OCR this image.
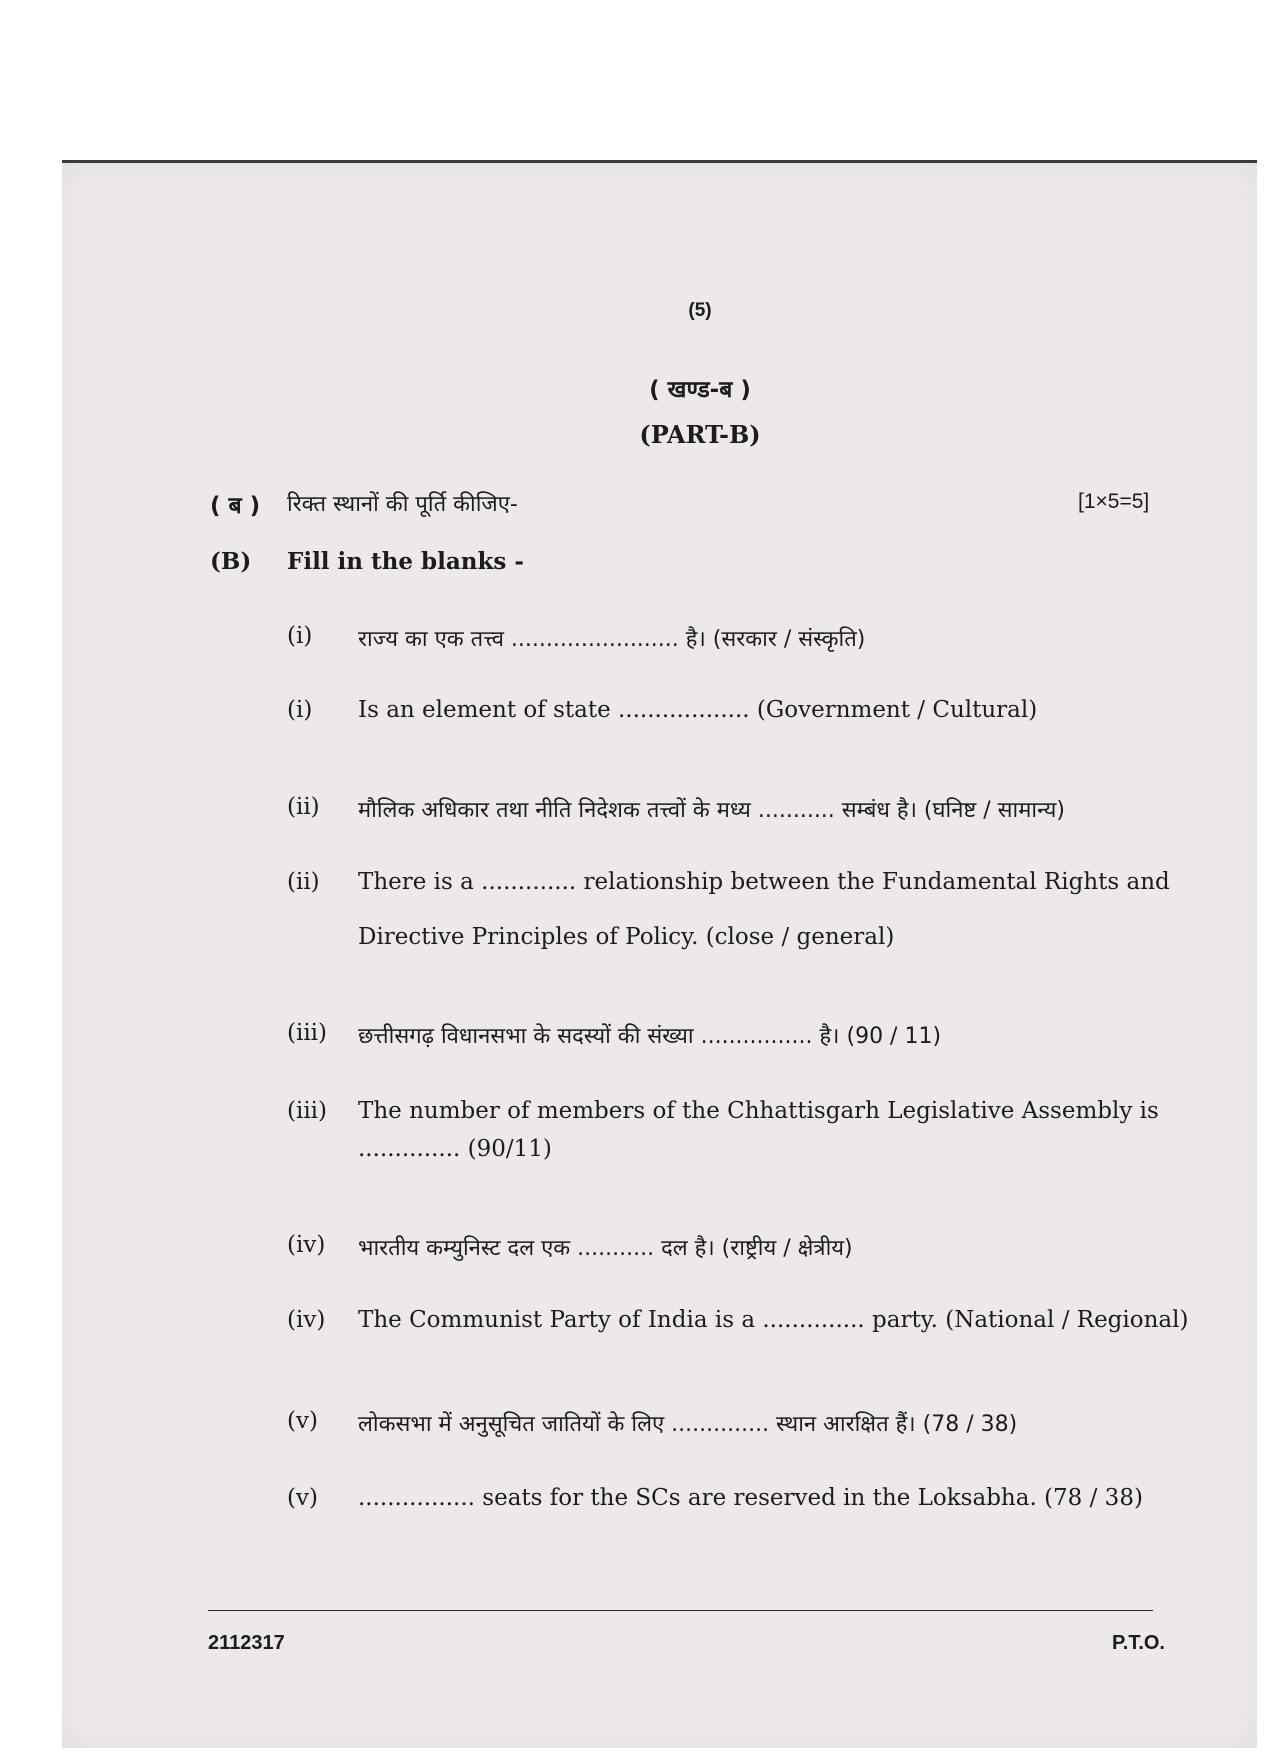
(5)
( खण्ड-ब )
(PART-B)
( ब ) रिक्त स्थानों की पूर्ति कीजिए-	[1×5=5]
(B) Fill in the blanks -
(i) राज्य का एक तत्त्व ........................ है। (सरकार / संस्कृति)
(i) Is an element of state .................. (Government / Cultural)
(ii) मौलिक अधिकार तथा नीति निदेशक तत्त्वों के मध्य ........... सम्बंध है। (घनिष्ट / सामान्य)
(ii) There is a ............. relationship between the Fundamental Rights and
Directive Principles of Policy. (close / general)
(iii) छत्तीसगढ़ विधानसभा के सदस्यों की संख्या ................ है। (90 / 11)
(iii) The number of members of the Chhattisgarh Legislative Assembly is
.............. (90/11)
(iv) भारतीय कम्युनिस्ट दल एक ........... दल है। (राष्ट्रीय / क्षेत्रीय)
(iv) The Communist Party of India is a .............. party. (National / Regional)
(v) लोकसभा में अनुसूचित जातियों के लिए .............. स्थान आरक्षित हैं। (78 / 38)
(v) ................ seats for the SCs are reserved in the Loksabha. (78 / 38)
2112317	P.T.O.
